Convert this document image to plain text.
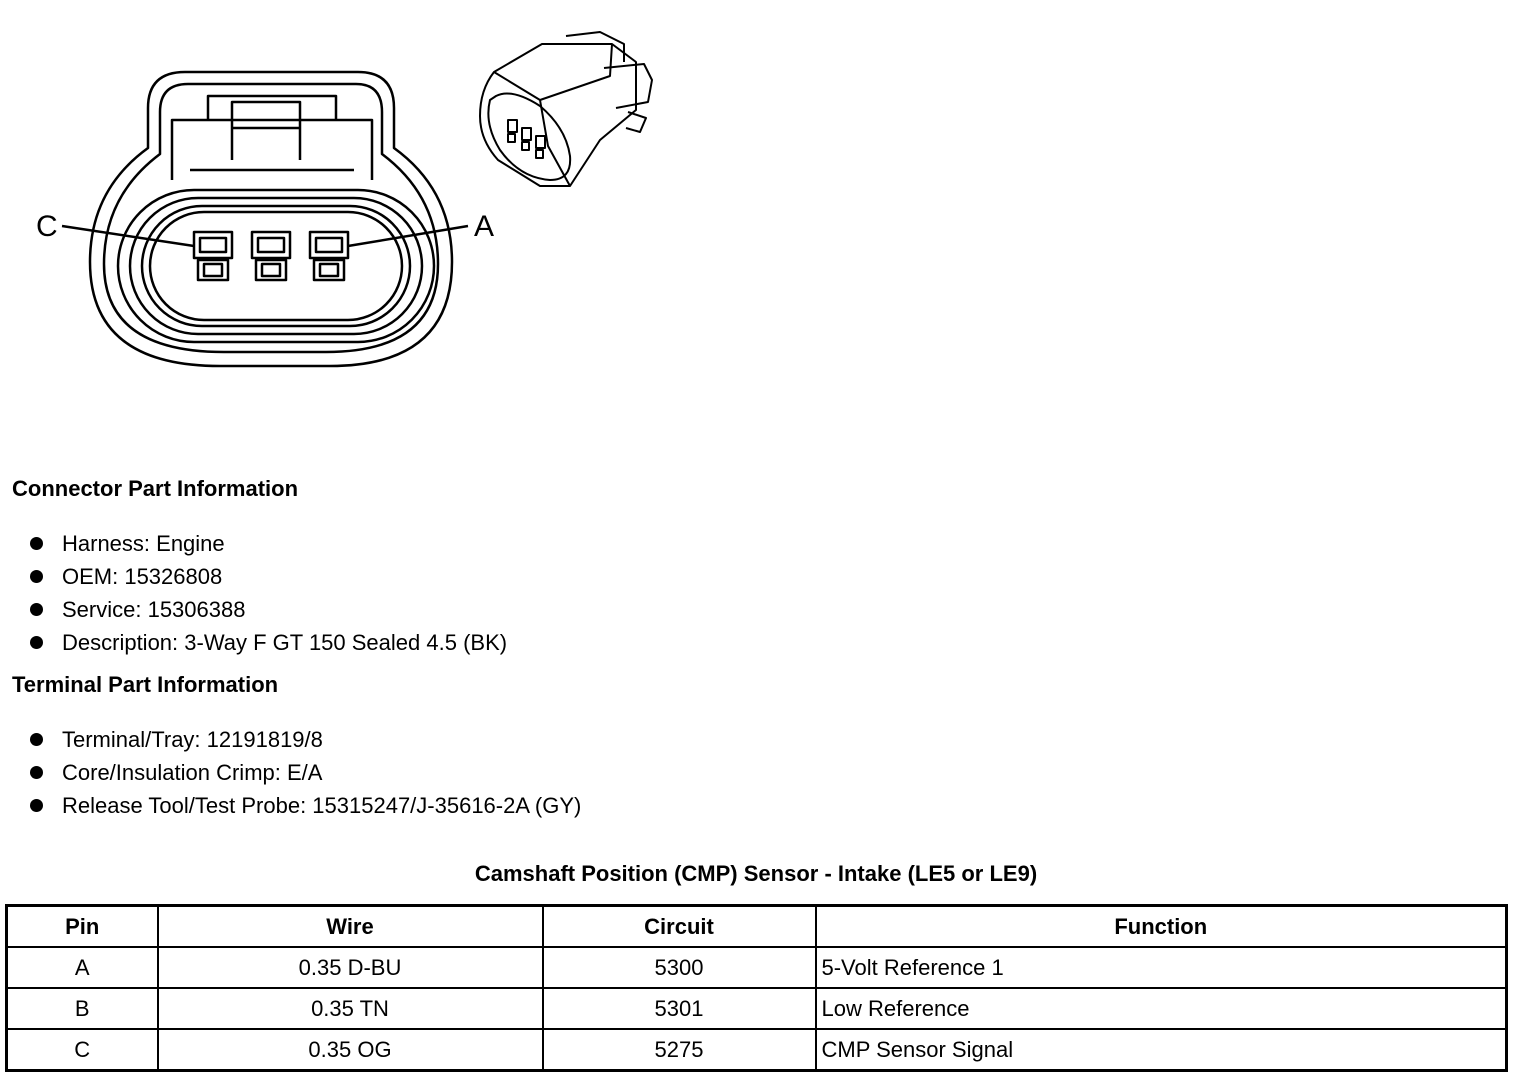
C	A
Connector Part Information
Harness: Engine
OEM: 15326808
Service: 15306388
Description: 3-Way F GT 150 Sealed 4.5 (BK)
Terminal Part Information
Terminal/Tray: 12191819/8
Core/Insulation Crimp: E/A
Release Tool/Test Probe: 15315247/J-35616-2A (GY)
Camshaft Position (CMP) Sensor - Intake (LE5 or LE9)
Pin	Wire	Circuit	Function
A	0.35 D-BU	5300	5-Volt Reference 1
B	0.35 TN	5301	Low Reference
C	0.35 OG	5275	CMP Sensor Signal
